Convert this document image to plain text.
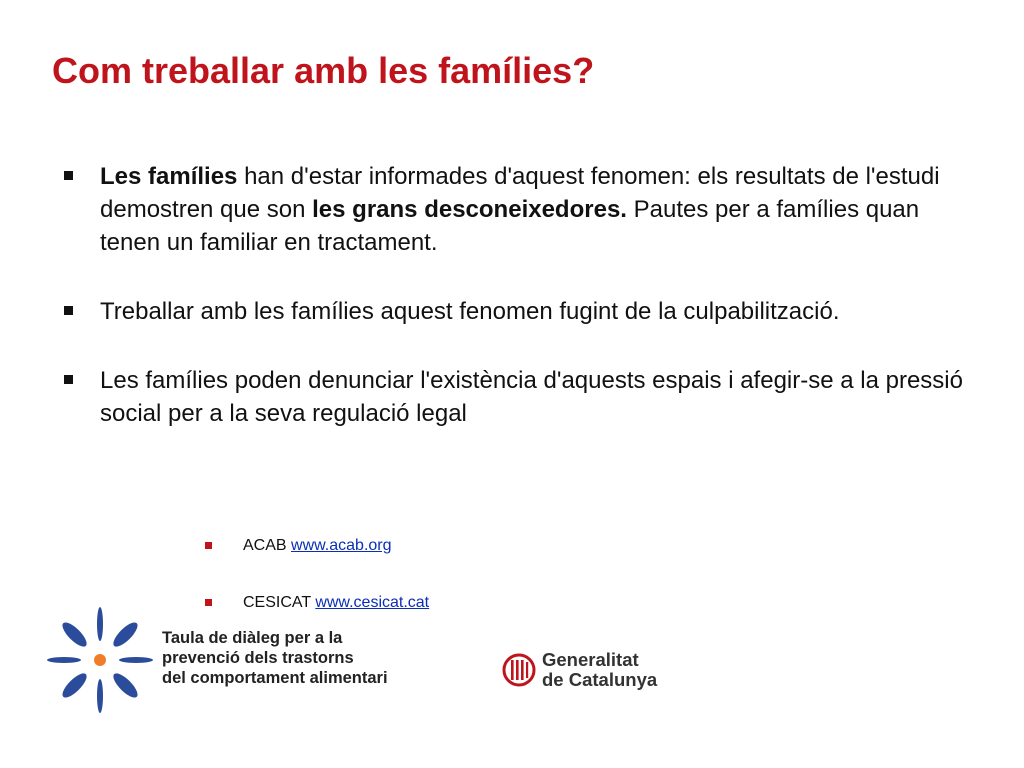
Com treballar amb les famílies?
Les famílies han d'estar informades d'aquest fenomen: els resultats de l'estudi demostren que son les grans desconeixedores. Pautes per a famílies quan tenen un familiar en tractament.
Treballar amb les famílies aquest fenomen fugint de la culpabilització.
Les famílies poden denunciar l'existència d'aquests espais i afegir-se a la pressió social per a la seva regulació legal
ACAB www.acab.org
CESICAT www.cesicat.cat
Taula de diàleg per a la
prevenció dels trastorns
del comportament alimentari
Generalitat
de Catalunya
